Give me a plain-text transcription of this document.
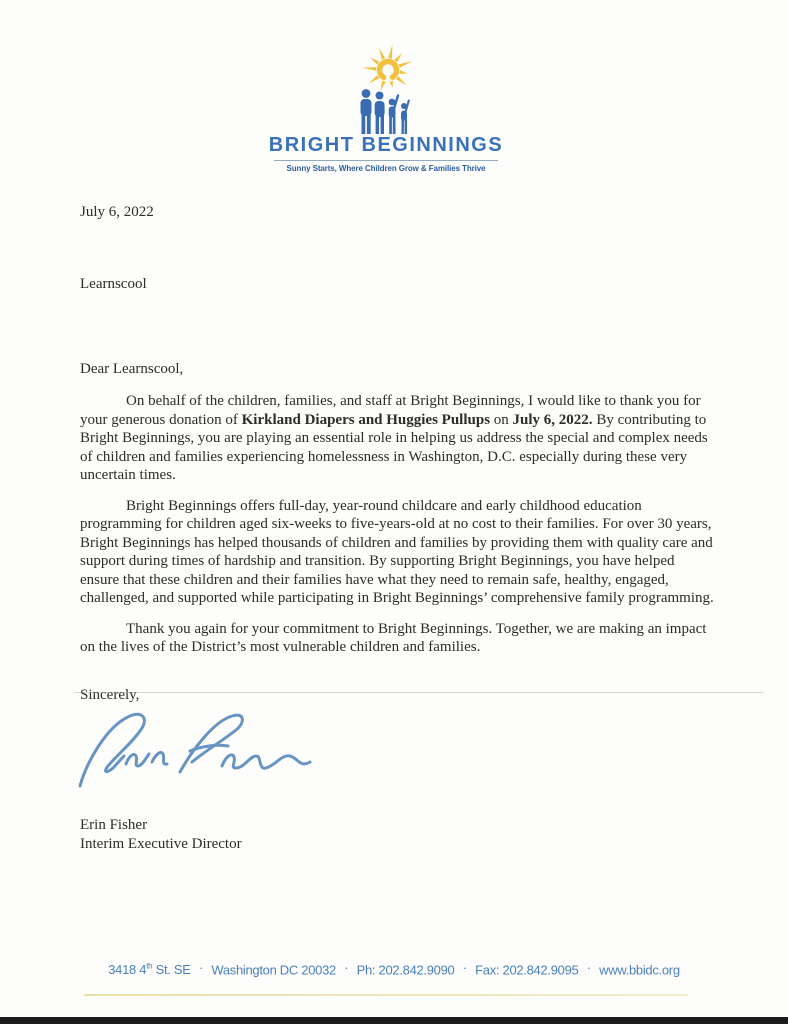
BRIGHT BEGINNINGS
Sunny Starts, Where Children Grow & Families Thrive
July 6, 2022
Learnscool
Dear Learnscool,

On behalf of the children, families, and staff at Bright Beginnings, I would like to thank you for your generous donation of Kirkland Diapers and Huggies Pullups on July 6, 2022. By contributing to Bright Beginnings, you are playing an essential role in helping us address the special and complex needs of children and families experiencing homelessness in Washington, D.C. especially during these very uncertain times.

Bright Beginnings offers full-day, year-round childcare and early childhood education programming for children aged six-weeks to five-years-old at no cost to their families. For over 30 years, Bright Beginnings has helped thousands of children and families by providing them with quality care and support during times of hardship and transition. By supporting Bright Beginnings, you have helped ensure that these children and their families have what they need to remain safe, healthy, engaged, challenged, and supported while participating in Bright Beginnings’ comprehensive family programming.

Thank you again for your commitment to Bright Beginnings. Together, we are making an impact on the lives of the District’s most vulnerable children and families.

Sincerely,
Erin Fisher
Interim Executive Director
3418 4th St. SE · Washington DC 20032 · Ph: 202.842.9090 · Fax: 202.842.9095 · www.bbidc.org
